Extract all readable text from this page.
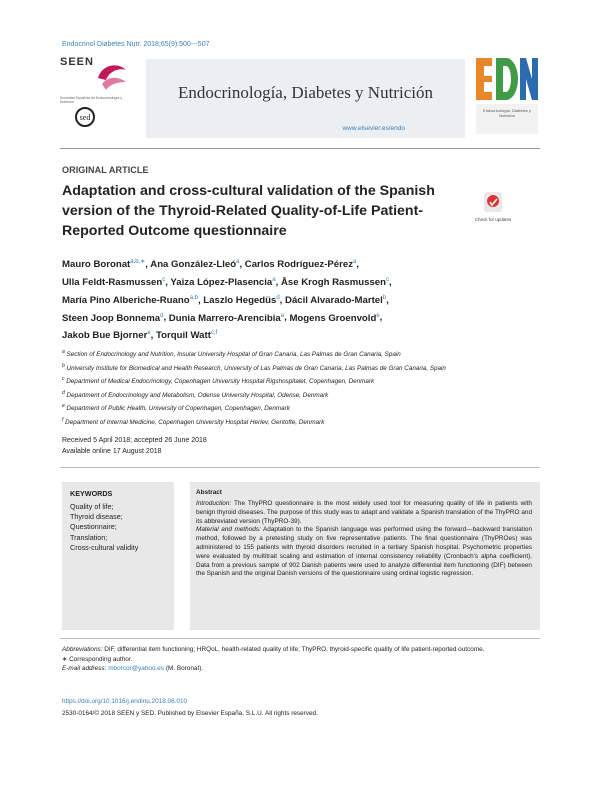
Endocrinol Diabetes Nutr. 2018;65(9):500---507
SEEN
Sociedad Española de Endocrinología y Nutrición
sed
Endocrinología, Diabetes y Nutrición
www.elsevier.es/endo
Endocrinología, Diabetes y Nutrición
ORIGINAL ARTICLE
Adaptation and cross-cultural validation of the Spanish version of the Thyroid-Related Quality-of-Life Patient-Reported Outcome questionnaire
Check for updates
Mauro Boronat$^{a,b,∗}$, Ana González-Lleó$^a$, Carlos Rodríguez-Pérez$^a$,
Ulla Feldt-Rasmussen$^c$, Yaiza López-Plasencia$^a$, Åse Krogh Rasmussen$^c$,
María Pino Alberiche-Ruano$^{a,b}$, Laszlo Hegedüs$^d$, Dácil Alvarado-Martel$^b$,
Steen Joop Bonnema$^d$, Dunia Marrero-Arencibia$^a$, Mogens Groenvold$^e$,
Jakob Bue Bjorner$^e$, Torquil Watt$^{c,f}$
$^a$ Section of Endocrinology and Nutrition, Insular University Hospital of Gran Canaria, Las Palmas de Gran Canaria, Spain
$^b$ University Institute for Biomedical and Health Research, University of Las Palmas de Gran Canaria, Las Palmas de Gran Canaria, Spain
$^c$ Department of Medical Endocrinology, Copenhagen University Hospital Rigshospitalet, Copenhagen, Denmark
$^d$ Department of Endocrinology and Metabolism, Odense University Hospital, Odense, Denmark
$^e$ Department of Public Health, University of Copenhagen, Copenhagen, Denmark
$^f$ Department of Internal Medicine, Copenhagen University Hospital Herlev, Gentofte, Denmark
Received 5 April 2018; accepted 26 June 2018
Available online 17 August 2018
KEYWORDS
Quality of life;
Thyroid disease;
Questionnaire;
Translation;
Cross-cultural validity
Abstract
Introduction: The ThyPRO questionnaire is the most widely used tool for measuring quality of life in patients with benign thyroid diseases. The purpose of this study was to adapt and validate a Spanish translation of the ThyPRO and its abbreviated version (ThyPRO-39).
Material and methods: Adaptation to the Spanish language was performed using the forward---backward translation method, followed by a pretesting study on five representative patients. The final questionnaire (ThyPROes) was administered to 155 patients with thyroid disorders recruited in a tertiary Spanish hospital. Psychometric properties were evaluated by multitrait scaling and estimation of internal consistency reliability (Cronbach's alpha coefficient). Data from a previous sample of 902 Danish patients were used to analyze differential item functioning (DIF) between the Spanish and the original Danish versions of the questionnaire using ordinal logistic regression.
Abbreviations: DIF, differential item functioning; HRQoL, health-related quality of life; ThyPRO, thyroid-specific quality of life patient-reported outcome.
∗ Corresponding author.
E-mail address: mborcor@yahoo.es (M. Boronat).
https://doi.org/10.1016/j.endinu.2018.06.010
2530-0164/© 2018 SEEN y SED. Published by Elsevier España, S.L.U. All rights reserved.
